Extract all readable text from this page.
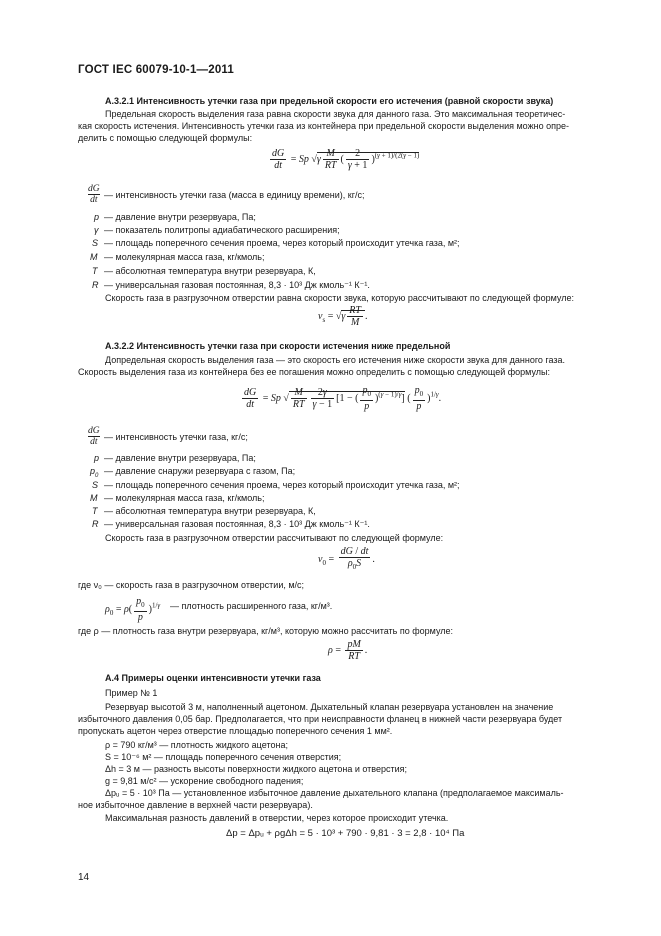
ГОСТ IEC 60079-10-1—2011
A.3.2.1 Интенсивность утечки газа при предельной скорости его истечения (равной скорости звука)
Предельная скорость выделения газа равна скорости звука для данного газа. Это максимальная теоретичес-
кая скорость истечения. Интенсивность утечки газа из контейнера при предельной скорости выделения можно опре-
делить с помощью следующей формулы:
$\frac{dG}{dt} = Sp$ $√\gamma \frac{M}{RT}$ ( $\frac{2}{\gamma + 1} )^{(\gamma + 1)/(2(\gamma - 1)}$
dG
dt — интенсивность утечки газа (масса в единицу времени), кг/с;
p — давление внутри резервуара, Па;
γ — показатель политропы адиабатического расширения;
S — площадь поперечного сечения проема, через который происходит утечка газа, м²;
M — молекулярная масса газа, кг/кмоль;
T — абсолютная температура внутри резервуара, К,
R — универсальная газовая постоянная, 8,3 · 10³ Дж кмоль⁻¹ К⁻¹.
Скорость газа в разгрузочном отверстии равна скорости звука, которую рассчитывают по следующей формуле:
$\nu_s = √\gamma \frac{RT}{M}$ .
A.3.2.2 Интенсивность утечки газа при скорости истечения ниже предельной
Допредельная скорость выделения газа — это скорость его истечения ниже скорости звука для данного газа.
Скорость выделения газа из контейнера без ее погашения можно определить с помощью следующей формулы:
$\frac{dG}{dt} = Sp$ √ $\frac{M}{RT} \frac{2\gamma}{\gamma - 1} [1$ − ( $\frac{p_0}{p} )^{(\gamma - 1)/\gamma}$] ( $\frac{p_0}{p} )^{1/\gamma}$.
dG
dt — интенсивность утечки газа, кг/с;
p — давление внутри резервуара, Па;
$p_0$ — давление снаружи резервуара с газом, Па;
S — площадь поперечного сечения проема, через который происходит утечка газа, м²;
M — молекулярная масса газа, кг/кмоль;
T — абсолютная температура внутри резервуара, К,
R — универсальная газовая постоянная, 8,3 · 10³ Дж кмоль⁻¹ К⁻¹.
Скорость газа в разгрузочном отверстии рассчитывают по следующей формуле:
$\nu_0 = \frac{dG / dt}{\rho_0S}$ .
где ν₀ — скорость газа в разгрузочном отверстии, м/с;
$\rho_0 = \rho( \frac{p_0}{p} )^{1/\gamma}$ — плотность расширенного газа, кг/м³.
где ρ — плотность газа внутри резервуара, кг/м³, которую можно рассчитать по формуле:
$\rho = \frac{pM}{RT}$ .
A.4 Примеры оценки интенсивности утечки газа
Пример № 1
Резервуар высотой 3 м, наполненный ацетоном. Дыхательный клапан резервуара установлен на значение
избыточного давления 0,05 бар. Предполагается, что при неисправности фланец в нижней части резервуара будет
пропускать ацетон через отверстие площадью поперечного сечения 1 мм².
ρ = 790 кг/м³ — плотность жидкого ацетона;
S = 10⁻⁶ м² — площадь поперечного сечения отверстия;
Δh = 3 м — разность высоты поверхности жидкого ацетона и отверстия;
g = 9,81 м/с² — ускорение свободного падения;
Δpᵤ = 5 · 10³ Па — установленное избыточное давление дыхательного клапана (предполагаемое максималь-
ное избыточное давление в верхней части резервуара).
Максимальная разность давлений в отверстии, через которое происходит утечка.
Δp = Δpᵤ + ρgΔh = 5 · 10³ + 790 · 9,81 · 3 = 2,8 · 10⁴ Па
14
